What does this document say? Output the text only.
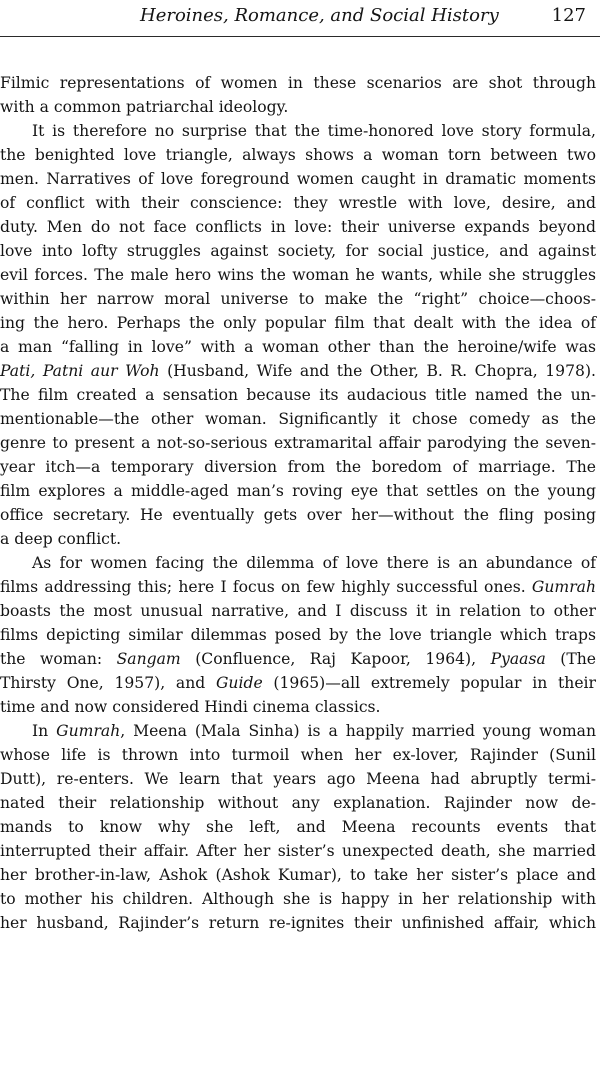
Heroines, Romance, and Social History	127
Filmic representations of women in these scenarios are shot through
with a common patriarchal ideology.
It is therefore no surprise that the time-honored love story formula,
the benighted love triangle, always shows a woman torn between two
men. Narratives of love foreground women caught in dramatic moments
of conflict with their conscience: they wrestle with love, desire, and
duty. Men do not face conflicts in love: their universe expands beyond
love into lofty struggles against society, for social justice, and against
evil forces. The male hero wins the woman he wants, while she struggles
within her narrow moral universe to make the “right” choice—choos-
ing the hero. Perhaps the only popular film that dealt with the idea of
a man “falling in love” with a woman other than the heroine/wife was
Pati, Patni aur Woh (Husband, Wife and the Other, B. R. Chopra, 1978).
The film created a sensation because its audacious title named the un-
mentionable—the other woman. Significantly it chose comedy as the
genre to present a not-so-serious extramarital affair parodying the seven-
year itch—a temporary diversion from the boredom of marriage. The
film explores a middle-aged man’s roving eye that settles on the young
office secretary. He eventually gets over her—without the fling posing
a deep conflict.
As for women facing the dilemma of love there is an abundance of
films addressing this; here I focus on few highly successful ones. Gumrah
boasts the most unusual narrative, and I discuss it in relation to other
films depicting similar dilemmas posed by the love triangle which traps
the woman: Sangam (Confluence, Raj Kapoor, 1964), Pyaasa (The
Thirsty One, 1957), and Guide (1965)—all extremely popular in their
time and now considered Hindi cinema classics.
In Gumrah, Meena (Mala Sinha) is a happily married young woman
whose life is thrown into turmoil when her ex-lover, Rajinder (Sunil
Dutt), re-enters. We learn that years ago Meena had abruptly termi-
nated their relationship without any explanation. Rajinder now de-
mands to know why she left, and Meena recounts events that
interrupted their affair. After her sister’s unexpected death, she married
her brother-in-law, Ashok (Ashok Kumar), to take her sister’s place and
to mother his children. Although she is happy in her relationship with
her husband, Rajinder’s return re-ignites their unfinished affair, which
